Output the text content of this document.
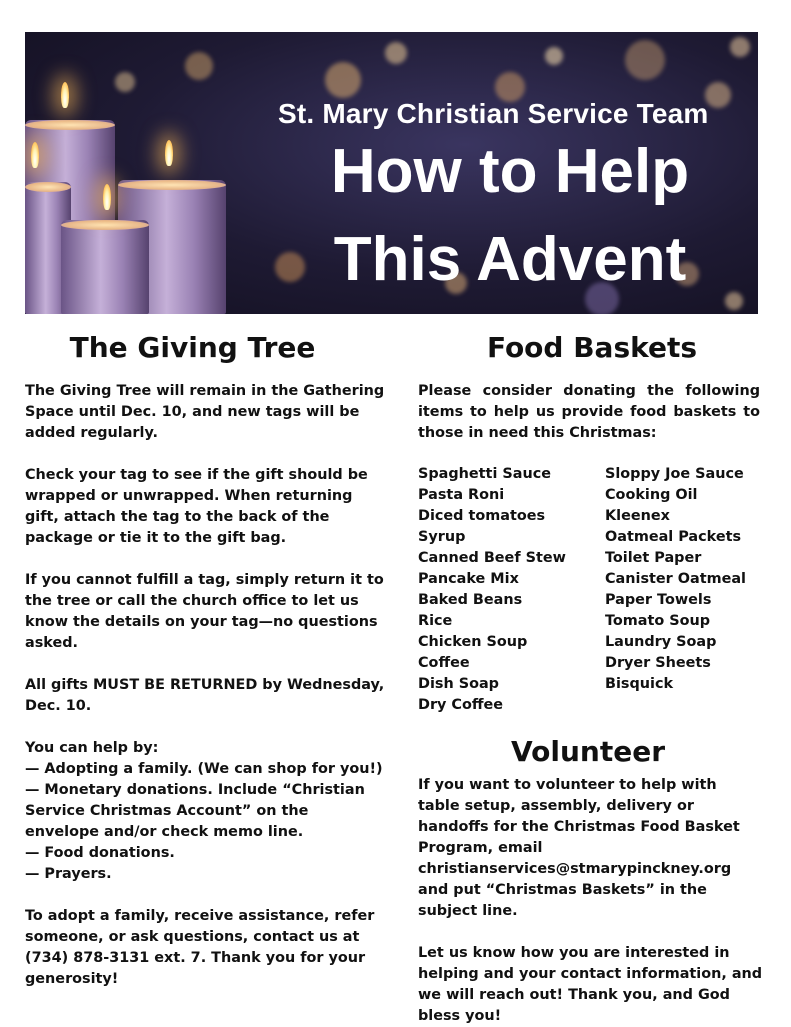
St. Mary Christian Service Team
How to Help
This Advent
The Giving Tree

The Giving Tree will remain in the Gathering Space until Dec. 10, and new tags will be added regularly.

Check your tag to see if the gift should be wrapped or unwrapped. When returning gift, attach the tag to the back of the package or tie it to the gift bag.

If you cannot fulfill a tag, simply return it to the tree or call the church office to let us know the details on your tag—no questions asked.

All gifts MUST BE RETURNED by Wednesday, Dec. 10.

You can help by:

— Adopting a family. (We can shop for you!)

— Monetary donations. Include “Christian Service Christmas Account” on the envelope and/or check memo line.

— Food donations.

— Prayers.

To adopt a family, receive assistance, refer someone, or ask questions, contact us at (734) 878-3131 ext. 7. Thank you for your generosity!

Food Baskets
Please consider donating the following items to help us provide food baskets to those in need this Christmas:
Spaghetti Sauce
Pasta Roni
Diced tomatoes
Syrup
Canned Beef Stew
Pancake Mix
Baked Beans
Rice
Chicken Soup
Coffee
Dish Soap
Dry Coffee
Sloppy Joe Sauce
Cooking Oil
Kleenex
Oatmeal Packets
Toilet Paper
Canister Oatmeal
Paper Towels
Tomato Soup
Laundry Soap
Dryer Sheets
Bisquick
Volunteer

If you want to volunteer to help with table setup, assembly, delivery or handoffs for the Christmas Food Basket Program, email christianservices@stmarypinckney.org and put “Christmas Baskets” in the subject line.

Let us know how you are interested in helping and your contact information, and we will reach out! Thank you, and God bless you!
